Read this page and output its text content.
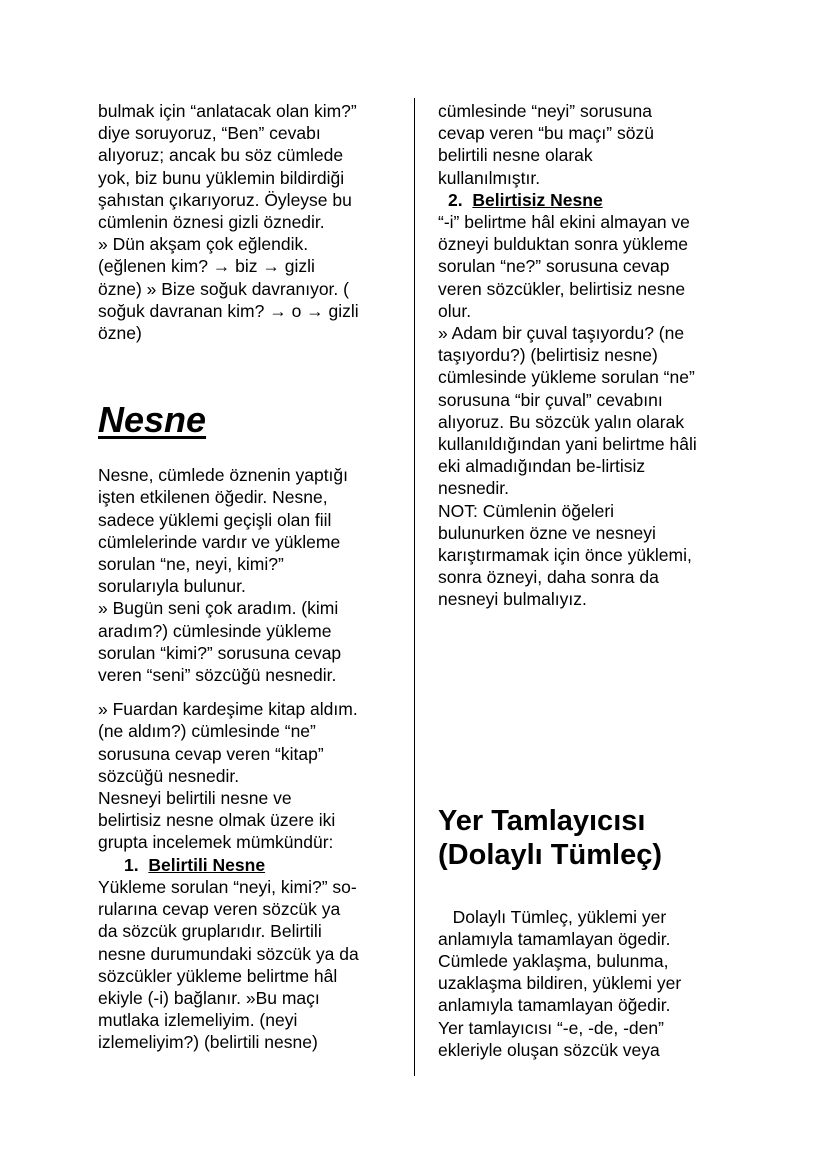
bulmak için “anlatacak olan kim?”
diye soruyoruz, “Ben” cevabı
alıyoruz; ancak bu söz cümlede
yok, biz bunu yüklemin bildirdiği
şahıstan çıkarıyoruz. Öyleyse bu
cümlenin öznesi gizli öznedir.
» Dün akşam çok eğlendik.
(eğlenen kim? → biz → gizli
özne) » Bize soğuk davranıyor. (
soğuk davranan kim? → o → gizli
özne)
Nesne
Nesne, cümlede öznenin yaptığı
işten etkilenen öğedir. Nesne,
sadece yüklemi geçişli olan fiil
cümlelerinde vardır ve yükleme
sorulan “ne, neyi, kimi?”
sorularıyla bulunur.
» Bugün seni çok aradım. (kimi
aradım?) cümlesinde yükleme
sorulan “kimi?” sorusuna cevap
veren “seni” sözcüğü nesnedir.
» Fuardan kardeşime kitap aldım.
(ne aldım?) cümlesinde “ne”
sorusuna cevap veren “kitap”
sözcüğü nesnedir.
Nesneyi belirtili nesne ve
belirtisiz nesne olmak üzere iki
grupta incelemek mümkündür:
1. Belirtili Nesne
Yükleme sorulan “neyi, kimi?” so-
rularına cevap veren sözcük ya
da sözcük gruplarıdır. Belirtili
nesne durumundaki sözcük ya da
sözcükler yükleme belirtme hâl
ekiyle (-i) bağlanır. »Bu maçı
mutlaka izlemeliyim. (neyi
izlemeliyim?) (belirtili nesne)
cümlesinde “neyi” sorusuna
cevap veren “bu maçı” sözü
belirtili nesne olarak
kullanılmıştır.
2. Belirtisiz Nesne
“-i” belirtme hâl ekini almayan ve
özneyi bulduktan sonra yükleme
sorulan “ne?” sorusuna cevap
veren sözcükler, belirtisiz nesne
olur.
» Adam bir çuval taşıyordu? (ne
taşıyordu?) (belirtisiz nesne)
cümlesinde yükleme sorulan “ne”
sorusuna “bir çuval” cevabını
alıyoruz. Bu sözcük yalın olarak
kullanıldığından yani belirtme hâli
eki almadığından be-lirtisiz
nesnedir.
NOT: Cümlenin öğeleri
bulunurken özne ve nesneyi
karıştırmamak için önce yüklemi,
sonra özneyi, daha sonra da
nesneyi bulmalıyız.
Yer Tamlayıcısı
(Dolaylı Tümleç)
Dolaylı Tümleç, yüklemi yer
anlamıyla tamamlayan ögedir.
Cümlede yaklaşma, bulunma,
uzaklaşma bildiren, yüklemi yer
anlamıyla tamamlayan öğedir.
Yer tamlayıcısı “-e, -de, -den”
ekleriyle oluşan sözcük veya
